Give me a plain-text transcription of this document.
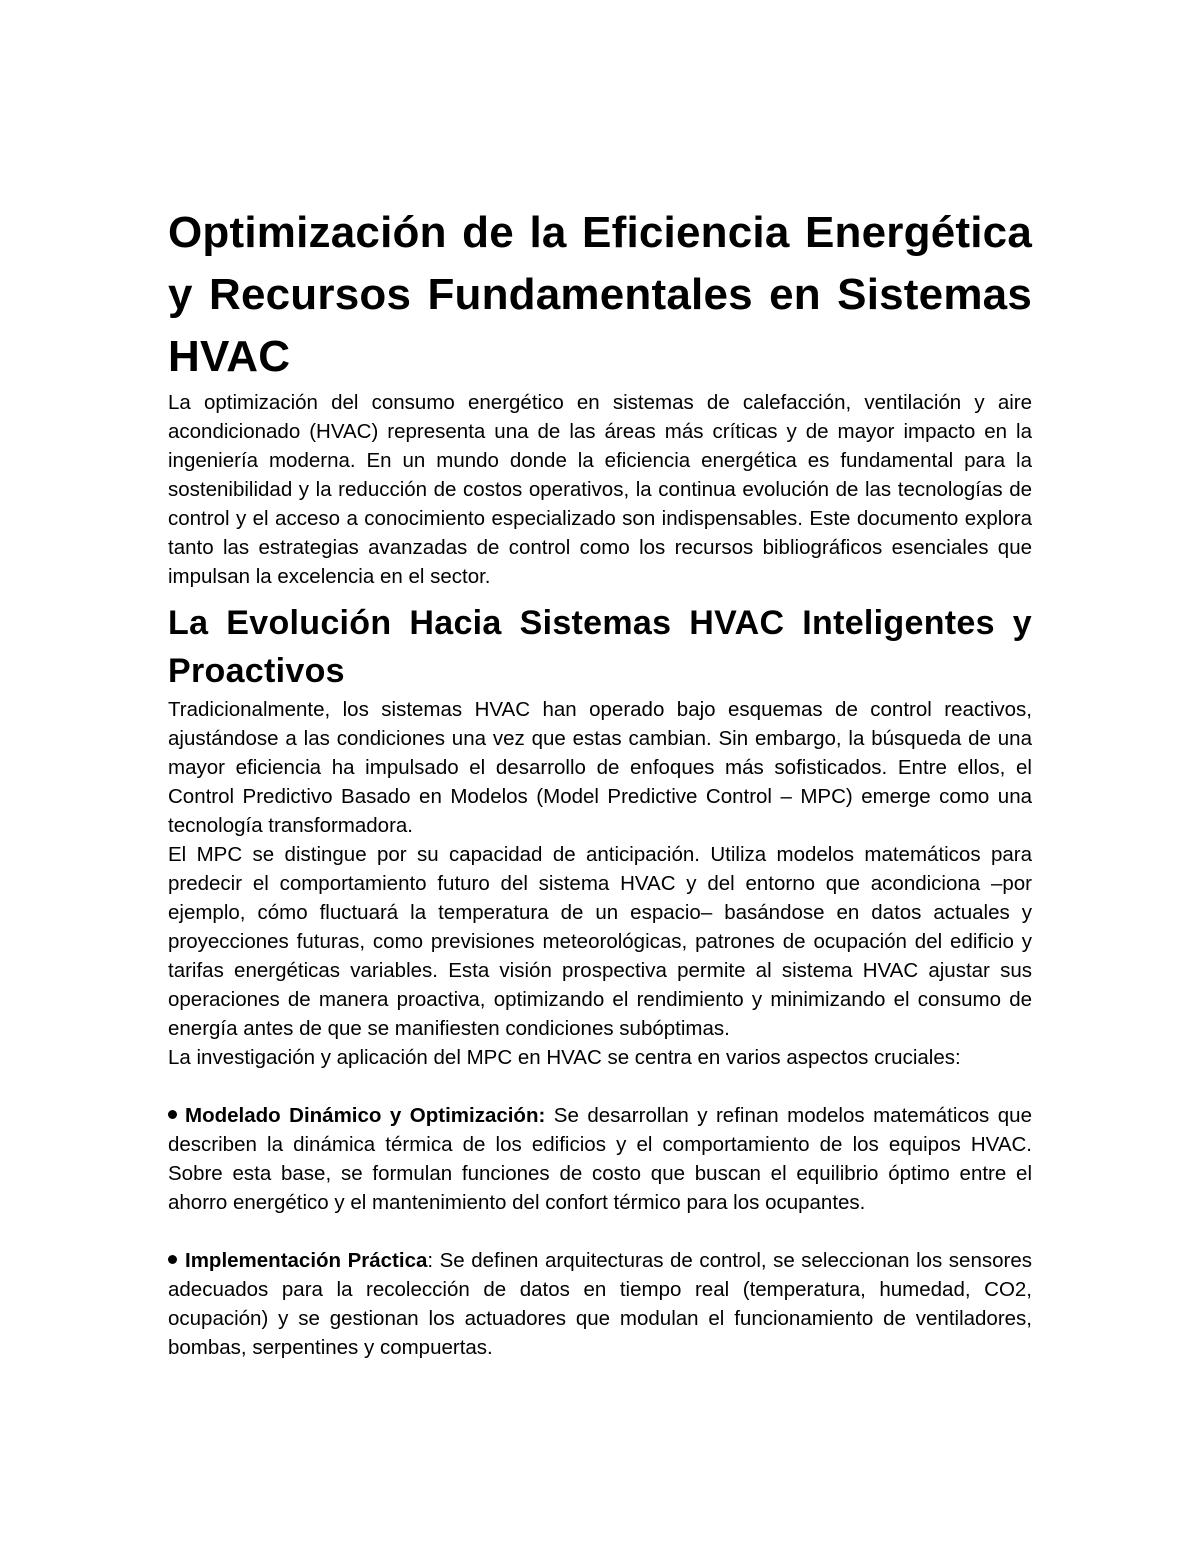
Optimización de la Eficiencia Energética y Recursos Fundamentales en Sistemas HVAC

La optimización del consumo energético en sistemas de calefacción, ventilación y aire acondicionado (HVAC) representa una de las áreas más críticas y de mayor impacto en la ingeniería moderna. En un mundo donde la eficiencia energética es fundamental para la sostenibilidad y la reducción de costos operativos, la continua evolución de las tecnologías de control y el acceso a conocimiento especializado son indispensables. Este documento explora tanto las estrategias avanzadas de control como los recursos bibliográficos esenciales que impulsan la excelencia en el sector.

La Evolución Hacia Sistemas HVAC Inteligentes y Proactivos

Tradicionalmente, los sistemas HVAC han operado bajo esquemas de control reactivos, ajustándose a las condiciones una vez que estas cambian. Sin embargo, la búsqueda de una mayor eficiencia ha impulsado el desarrollo de enfoques más sofisticados. Entre ellos, el Control Predictivo Basado en Modelos (Model Predictive Control – MPC) emerge como una tecnología transformadora.

El MPC se distingue por su capacidad de anticipación. Utiliza modelos matemáticos para predecir el comportamiento futuro del sistema HVAC y del entorno que acondiciona –por ejemplo, cómo fluctuará la temperatura de un espacio– basándose en datos actuales y proyecciones futuras, como previsiones meteorológicas, patrones de ocupación del edificio y tarifas energéticas variables. Esta visión prospectiva permite al sistema HVAC ajustar sus operaciones de manera proactiva, optimizando el rendimiento y minimizando el consumo de energía antes de que se manifiesten condiciones subóptimas.

La investigación y aplicación del MPC en HVAC se centra en varios aspectos cruciales:

Modelado Dinámico y Optimización: Se desarrollan y refinan modelos matemáticos que describen la dinámica térmica de los edificios y el comportamiento de los equipos HVAC. Sobre esta base, se formulan funciones de costo que buscan el equilibrio óptimo entre el ahorro energético y el mantenimiento del confort térmico para los ocupantes.
Implementación Práctica: Se definen arquitecturas de control, se seleccionan los sensores adecuados para la recolección de datos en tiempo real (temperatura, humedad, CO2, ocupación) y se gestionan los actuadores que modulan el funcionamiento de ventiladores, bombas, serpentines y compuertas.
